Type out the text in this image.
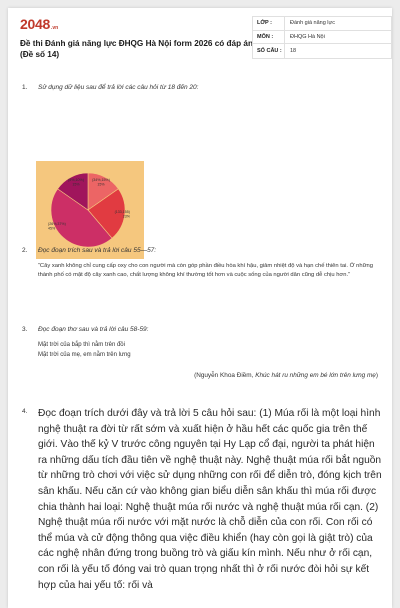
2048 .vn
Đề thi Đánh giá năng lực ĐHQG Hà Nội form 2026 có đáp án (Đề số 14)
LỚP :	Đánh giá năng lực
MÔN :	ĐHQG Hà Nội
SỐ CÂU :	18
1. Sử dụng dữ liệu sau để trả lời các câu hỏi từ 18 đến 20:
(34%,15%)
15%
(133,155)
23%
(26%,37%)
45%
(5%,10%)
15%
2. Đọc đoạn trích sau và trả lời câu 55—57:
“Cây xanh không chỉ cung cấp oxy cho con người mà còn góp phần điều hòa khí hậu, giảm nhiệt độ và hạn chế thiên tai. Ở những thành phố có mật độ cây xanh cao, chất lượng không khí thường tốt hơn và cuộc sống của người dân cũng dễ chịu hơn.”
3. Đọc đoạn thơ sau và trả lời câu 58-59:
Mặt trời của bắp thì nằm trên đồi
Mặt trời của mẹ, em nằm trên lưng
(Nguyễn Khoa Điềm, Khúc hát ru những em bé lớn trên lưng mẹ)
4. Đọc đoạn trích dưới đây và trả lời 5 câu hỏi sau: (1) Múa rối là một loại hình nghệ thuật ra đời từ rất sớm và xuất hiện ở hầu hết các quốc gia trên thế giới. Vào thế kỷ V trước công nguyên tại Hy Lạp cổ đại, người ta phát hiện ra những dấu tích đầu tiên về nghệ thuật này. Nghệ thuật múa rối bắt nguồn từ những trò chơi với việc sử dụng những con rối để diễn trò, đóng kịch trên sân khấu. Nếu căn cứ vào không gian biểu diễn sân khấu thì múa rối được chia thành hai loại: Nghệ thuật múa rối nước và nghệ thuật múa rối cạn. (2) Nghệ thuật múa rối nước với mặt nước là chỗ diễn của con rối. Con rối có thể múa và cử động thông qua việc điều khiển (hay còn gọi là giật trò) của các nghệ nhân đứng trong buồng trò và giấu kín mình. Nếu như ở rối cạn, con rối là yếu tố đóng vai trò quan trọng nhất thì ở rối nước đòi hỏi sự kết hợp của hai yếu tố: rối và
